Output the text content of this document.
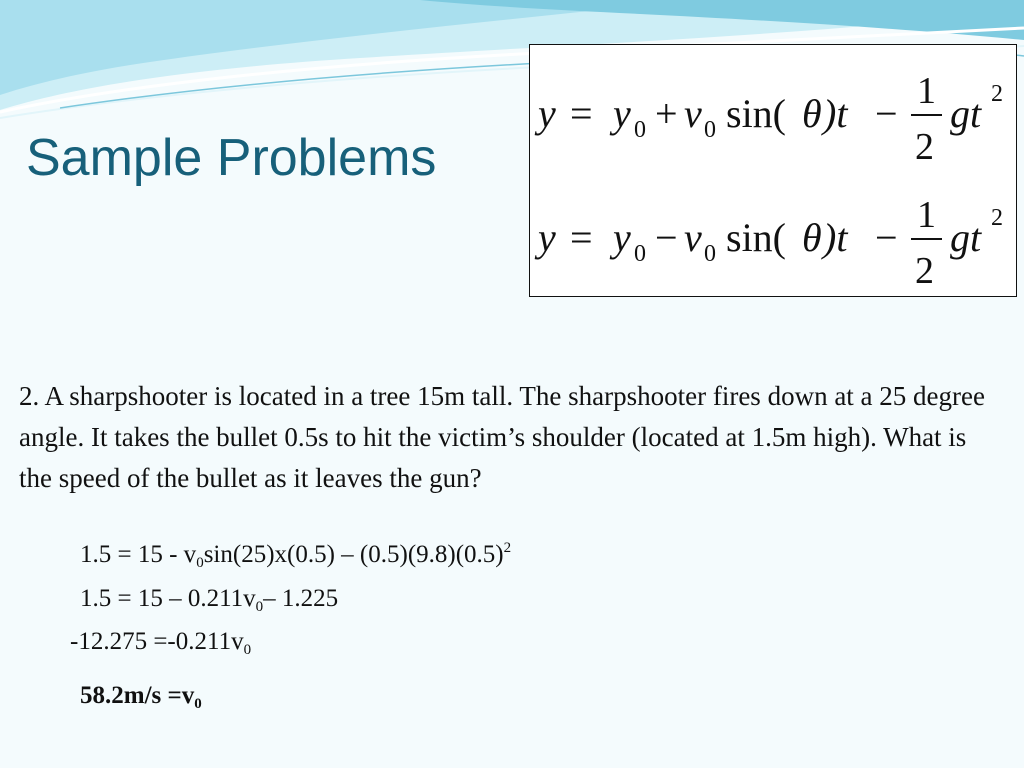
Sample Problems
y = y 0 + v 0 sin( θ )t − 1
2
gt 2
y = y 0 − v 0 sin( θ )t − 1
2
gt 2
2. A sharpshooter is located in a tree 15m tall. The sharpshooter fires down at a 25 degree angle. It takes the bullet 0.5s to hit the victim’s shoulder (located at 1.5m high). What is the speed of the bullet as it leaves the gun?
$1.5 = 15 - v_0\sin(25)x(0.5) - (0.5)(9.8)(0.5)^2$
$1.5 = 15 - 0.211v_0-$ 1.225
$-12.275 =-0.211v_0$
$58.2m/s =v_0$
